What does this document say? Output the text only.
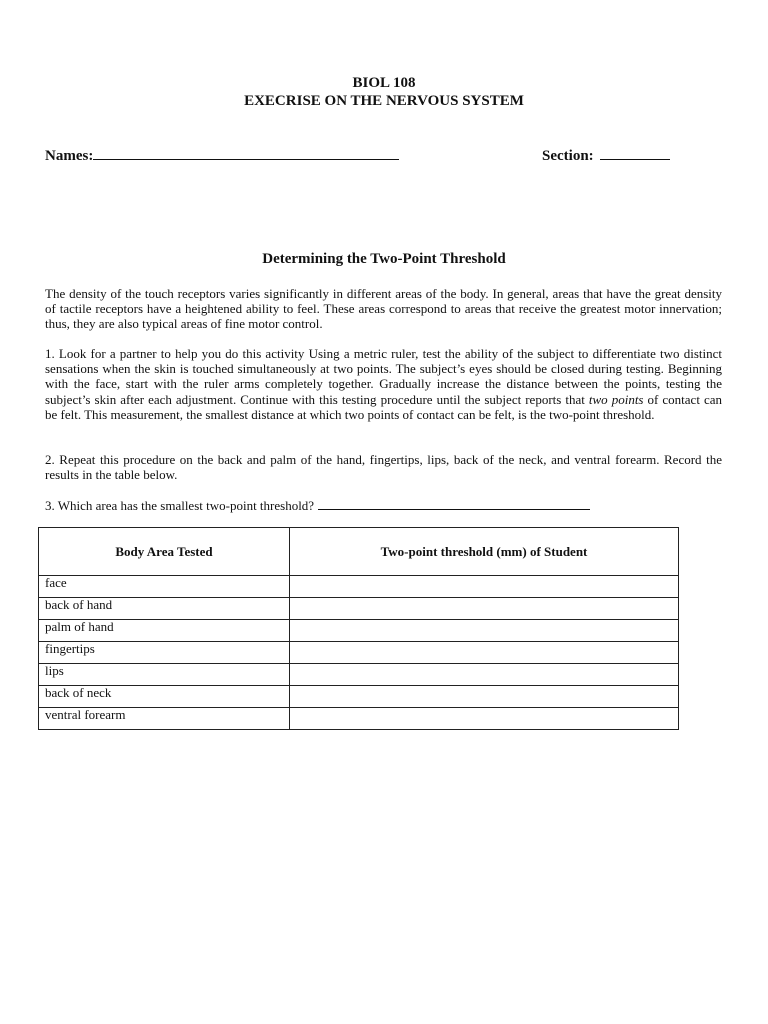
BIOL 108
EXECRISE ON THE NERVOUS SYSTEM
Names:	Section:
Determining the Two-Point Threshold

The density of the touch receptors varies significantly in different areas of the body. In general, areas that have the great density of tactile receptors have a heightened ability to feel. These areas correspond to areas that receive the greatest motor innervation; thus, they are also typical areas of fine motor control.

1. Look for a partner to help you do this activity Using a metric ruler, test the ability of the subject to differentiate two distinct sensations when the skin is touched simultaneously at two points. The subject’s eyes should be closed during testing. Beginning with the face, start with the ruler arms completely together. Gradually increase the distance between the points, testing the subject’s skin after each adjustment. Continue with this testing procedure until the subject reports that two points of contact can be felt. This measurement, the smallest distance at which two points of contact can be felt, is the two-point threshold.

2. Repeat this procedure on the back and palm of the hand, fingertips, lips, back of the neck, and ventral forearm. Record the results in the table below.

3. Which area has the smallest two-point threshold?

Body Area Tested	Two-point threshold (mm) of Student
face	
back of hand	
palm of hand	
fingertips	
lips	
back of neck	
ventral forearm	
